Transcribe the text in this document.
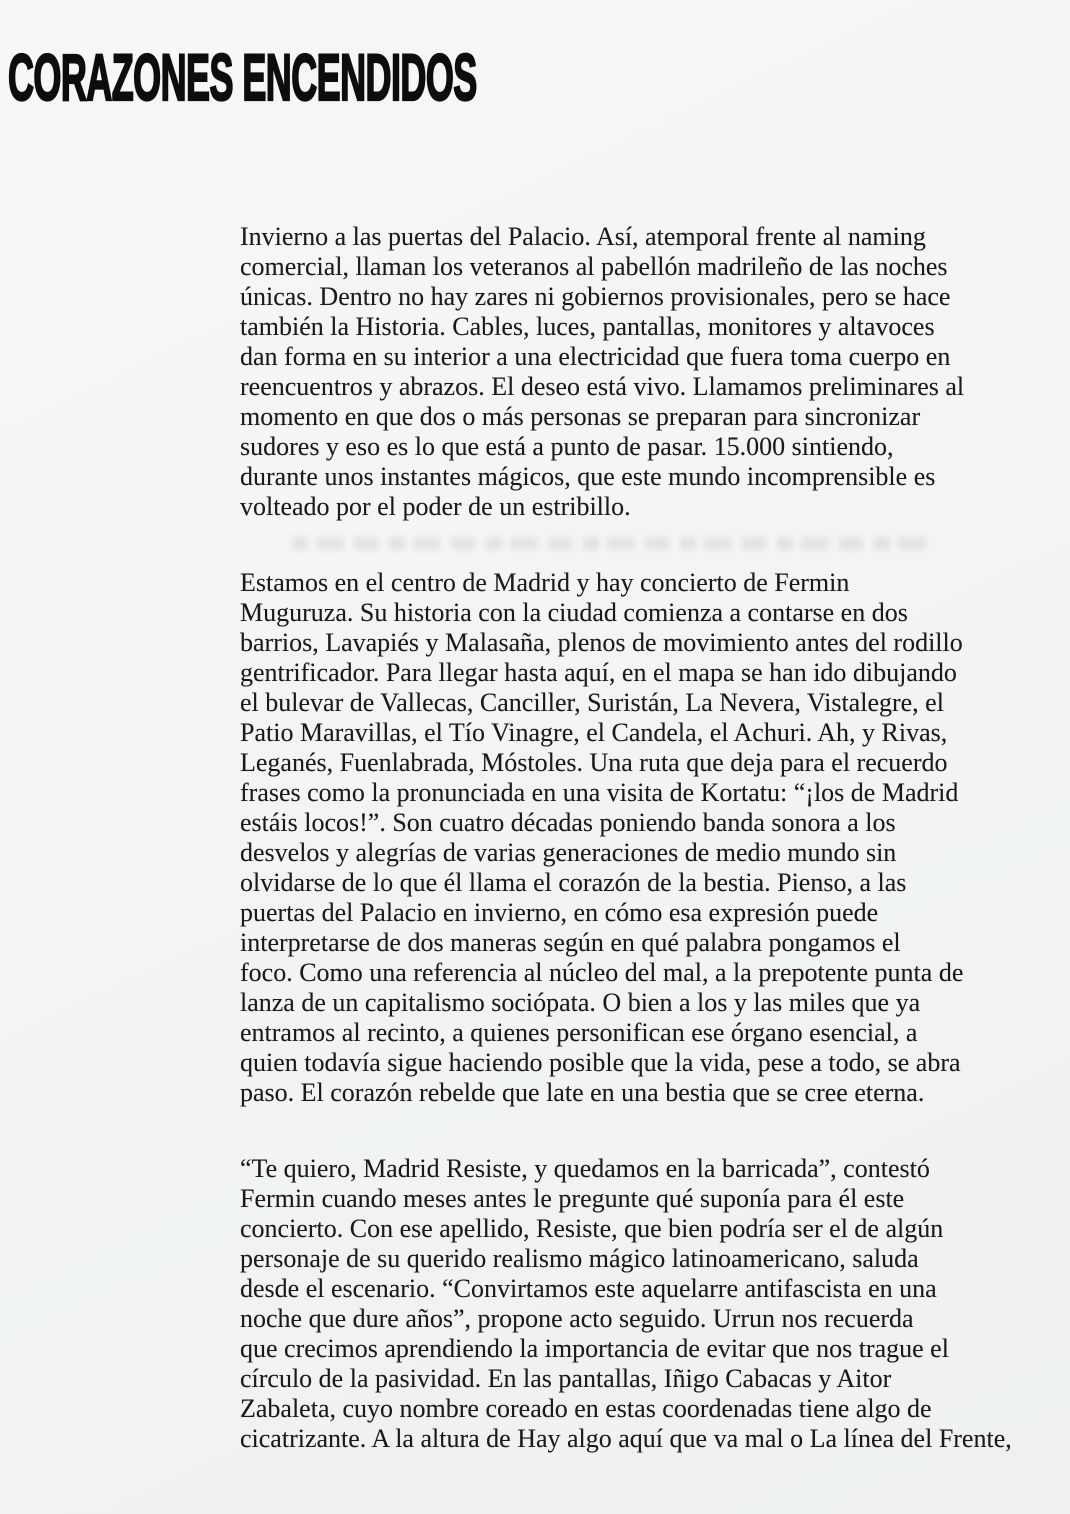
CORAZONES ENCENDIDOS
Invierno a las puertas del Palacio. Así, atemporal frente al naming
comercial, llaman los veteranos al pabellón madrileño de las noches
únicas. Dentro no hay zares ni gobiernos provisionales, pero se hace
también la Historia. Cables, luces, pantallas, monitores y altavoces
dan forma en su interior a una electricidad que fuera toma cuerpo en
reencuentros y abrazos. El deseo está vivo. Llamamos preliminares al
momento en que dos o más personas se preparan para sincronizar
sudores y eso es lo que está a punto de pasar. 15.000 sintiendo,
durante unos instantes mágicos, que este mundo incomprensible es
volteado por el poder de un estribillo.
Estamos en el centro de Madrid y hay concierto de Fermin
Muguruza. Su historia con la ciudad comienza a contarse en dos
barrios, Lavapiés y Malasaña, plenos de movimiento antes del rodillo
gentrificador. Para llegar hasta aquí, en el mapa se han ido dibujando
el bulevar de Vallecas, Canciller, Suristán, La Nevera, Vistalegre, el
Patio Maravillas, el Tío Vinagre, el Candela, el Achuri. Ah, y Rivas,
Leganés, Fuenlabrada, Móstoles. Una ruta que deja para el recuerdo
frases como la pronunciada en una visita de Kortatu: “¡los de Madrid
estáis locos!”. Son cuatro décadas poniendo banda sonora a los
desvelos y alegrías de varias generaciones de medio mundo sin
olvidarse de lo que él llama el corazón de la bestia. Pienso, a las
puertas del Palacio en invierno, en cómo esa expresión puede
interpretarse de dos maneras según en qué palabra pongamos el
foco. Como una referencia al núcleo del mal, a la prepotente punta de
lanza de un capitalismo sociópata. O bien a los y las miles que ya
entramos al recinto, a quienes personifican ese órgano esencial, a
quien todavía sigue haciendo posible que la vida, pese a todo, se abra
paso. El corazón rebelde que late en una bestia que se cree eterna.
“Te quiero, Madrid Resiste, y quedamos en la barricada”, contestó
Fermin cuando meses antes le pregunte qué suponía para él este
concierto. Con ese apellido, Resiste, que bien podría ser el de algún
personaje de su querido realismo mágico latinoamericano, saluda
desde el escenario. “Convirtamos este aquelarre antifascista en una
noche que dure años”, propone acto seguido. Urrun nos recuerda
que crecimos aprendiendo la importancia de evitar que nos trague el
círculo de la pasividad. En las pantallas, Iñigo Cabacas y Aitor
Zabaleta, cuyo nombre coreado en estas coordenadas tiene algo de
cicatrizante. A la altura de Hay algo aquí que va mal o La línea del Frente,
